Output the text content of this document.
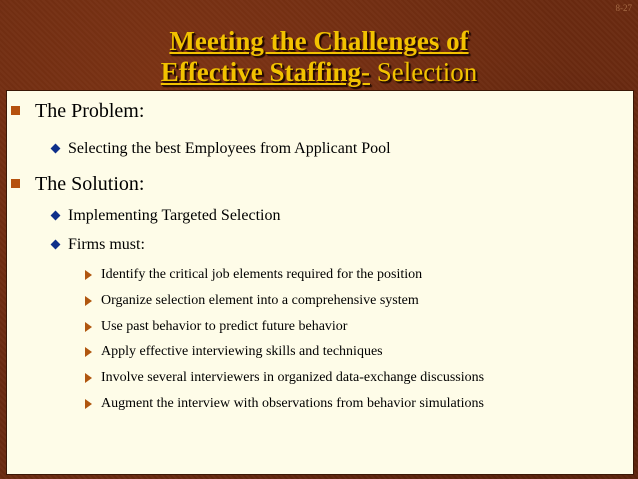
8-27
Meeting the Challenges of
Effective Staffing- Selection
The Problem:
Selecting the best Employees from Applicant Pool
The Solution:
Implementing Targeted Selection
Firms must:
Identify the critical job elements required for the position
Organize selection element into a comprehensive system
Use past behavior to predict future behavior
Apply effective interviewing skills and techniques
Involve several interviewers in organized data-exchange discussions
Augment the interview with observations from behavior simulations
